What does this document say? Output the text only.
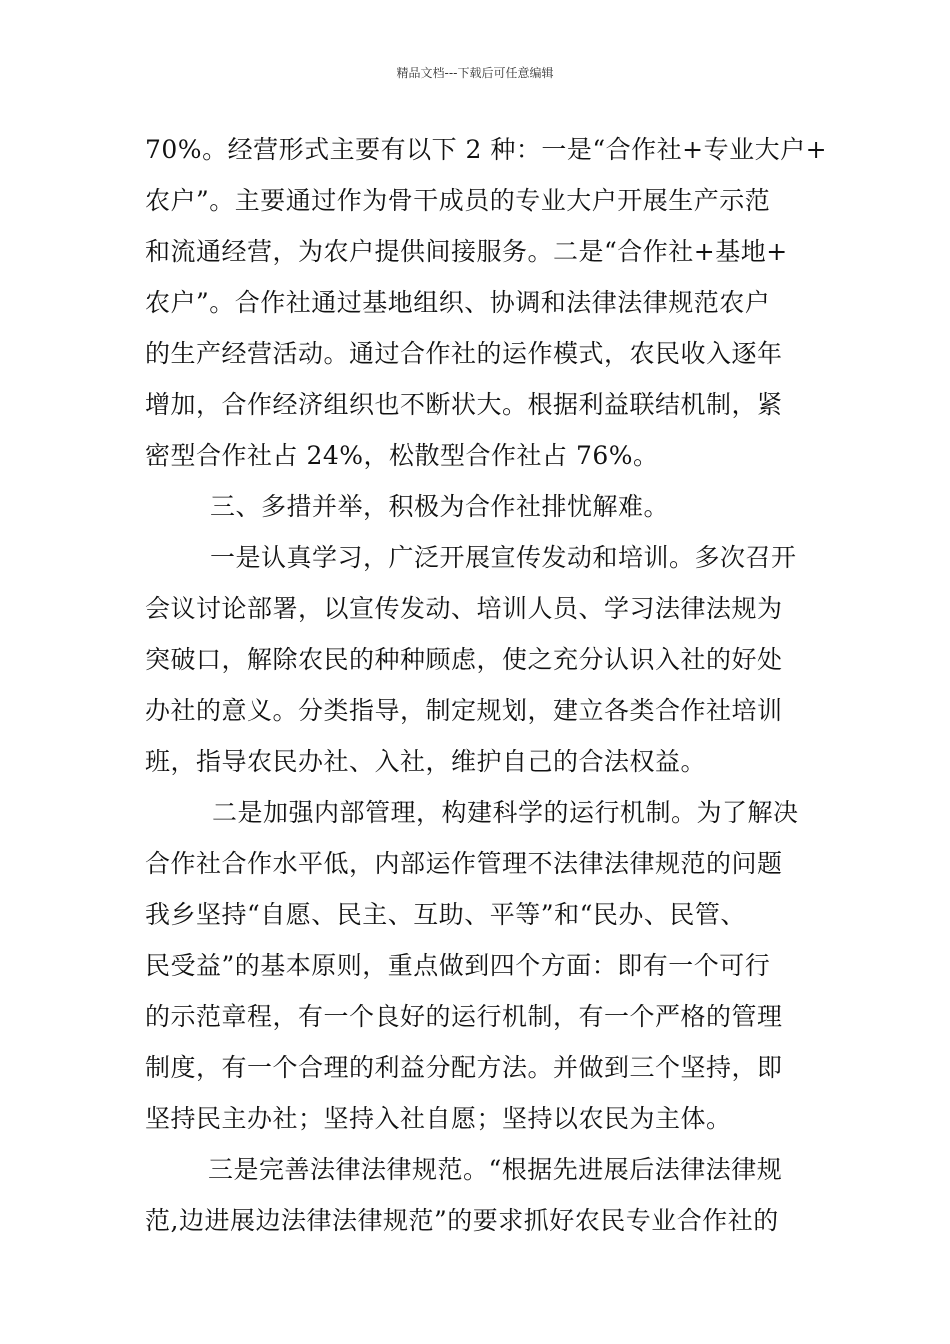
精品文档---下载后可任意编辑
70%。经营形式主要有以下 2 种：一是“合作社+专业大户+
农户”。主要通过作为骨干成员的专业大户开展生产示范
和流通经营，为农户提供间接服务。二是“合作社+基地+
农户”。合作社通过基地组织、协调和法律法律规范农户
的生产经营活动。通过合作社的运作模式，农民收入逐年
增加，合作经济组织也不断状大。根据利益联结机制，紧
密型合作社占 24%，松散型合作社占 76%。
三、多措并举，积极为合作社排忧解难。
一是认真学习，广泛开展宣传发动和培训。多次召开
会议讨论部署，以宣传发动、培训人员、学习法律法规为
突破口，解除农民的种种顾虑，使之充分认识入社的好处
办社的意义。分类指导，制定规划，建立各类合作社培训
班，指导农民办社、入社，维护自己的合法权益。
二是加强内部管理，构建科学的运行机制。为了解决
合作社合作水平低，内部运作管理不法律法律规范的问题
我乡坚持“自愿、民主、互助、平等”和“民办、民管、
民受益”的基本原则，重点做到四个方面：即有一个可行
的示范章程，有一个良好的运行机制，有一个严格的管理
制度，有一个合理的利益分配方法。并做到三个坚持，即
坚持民主办社；坚持入社自愿；坚持以农民为主体。
三是完善法律法律规范。“根据先进展后法律法律规
范,边进展边法律法律规范”的要求抓好农民专业合作社的
